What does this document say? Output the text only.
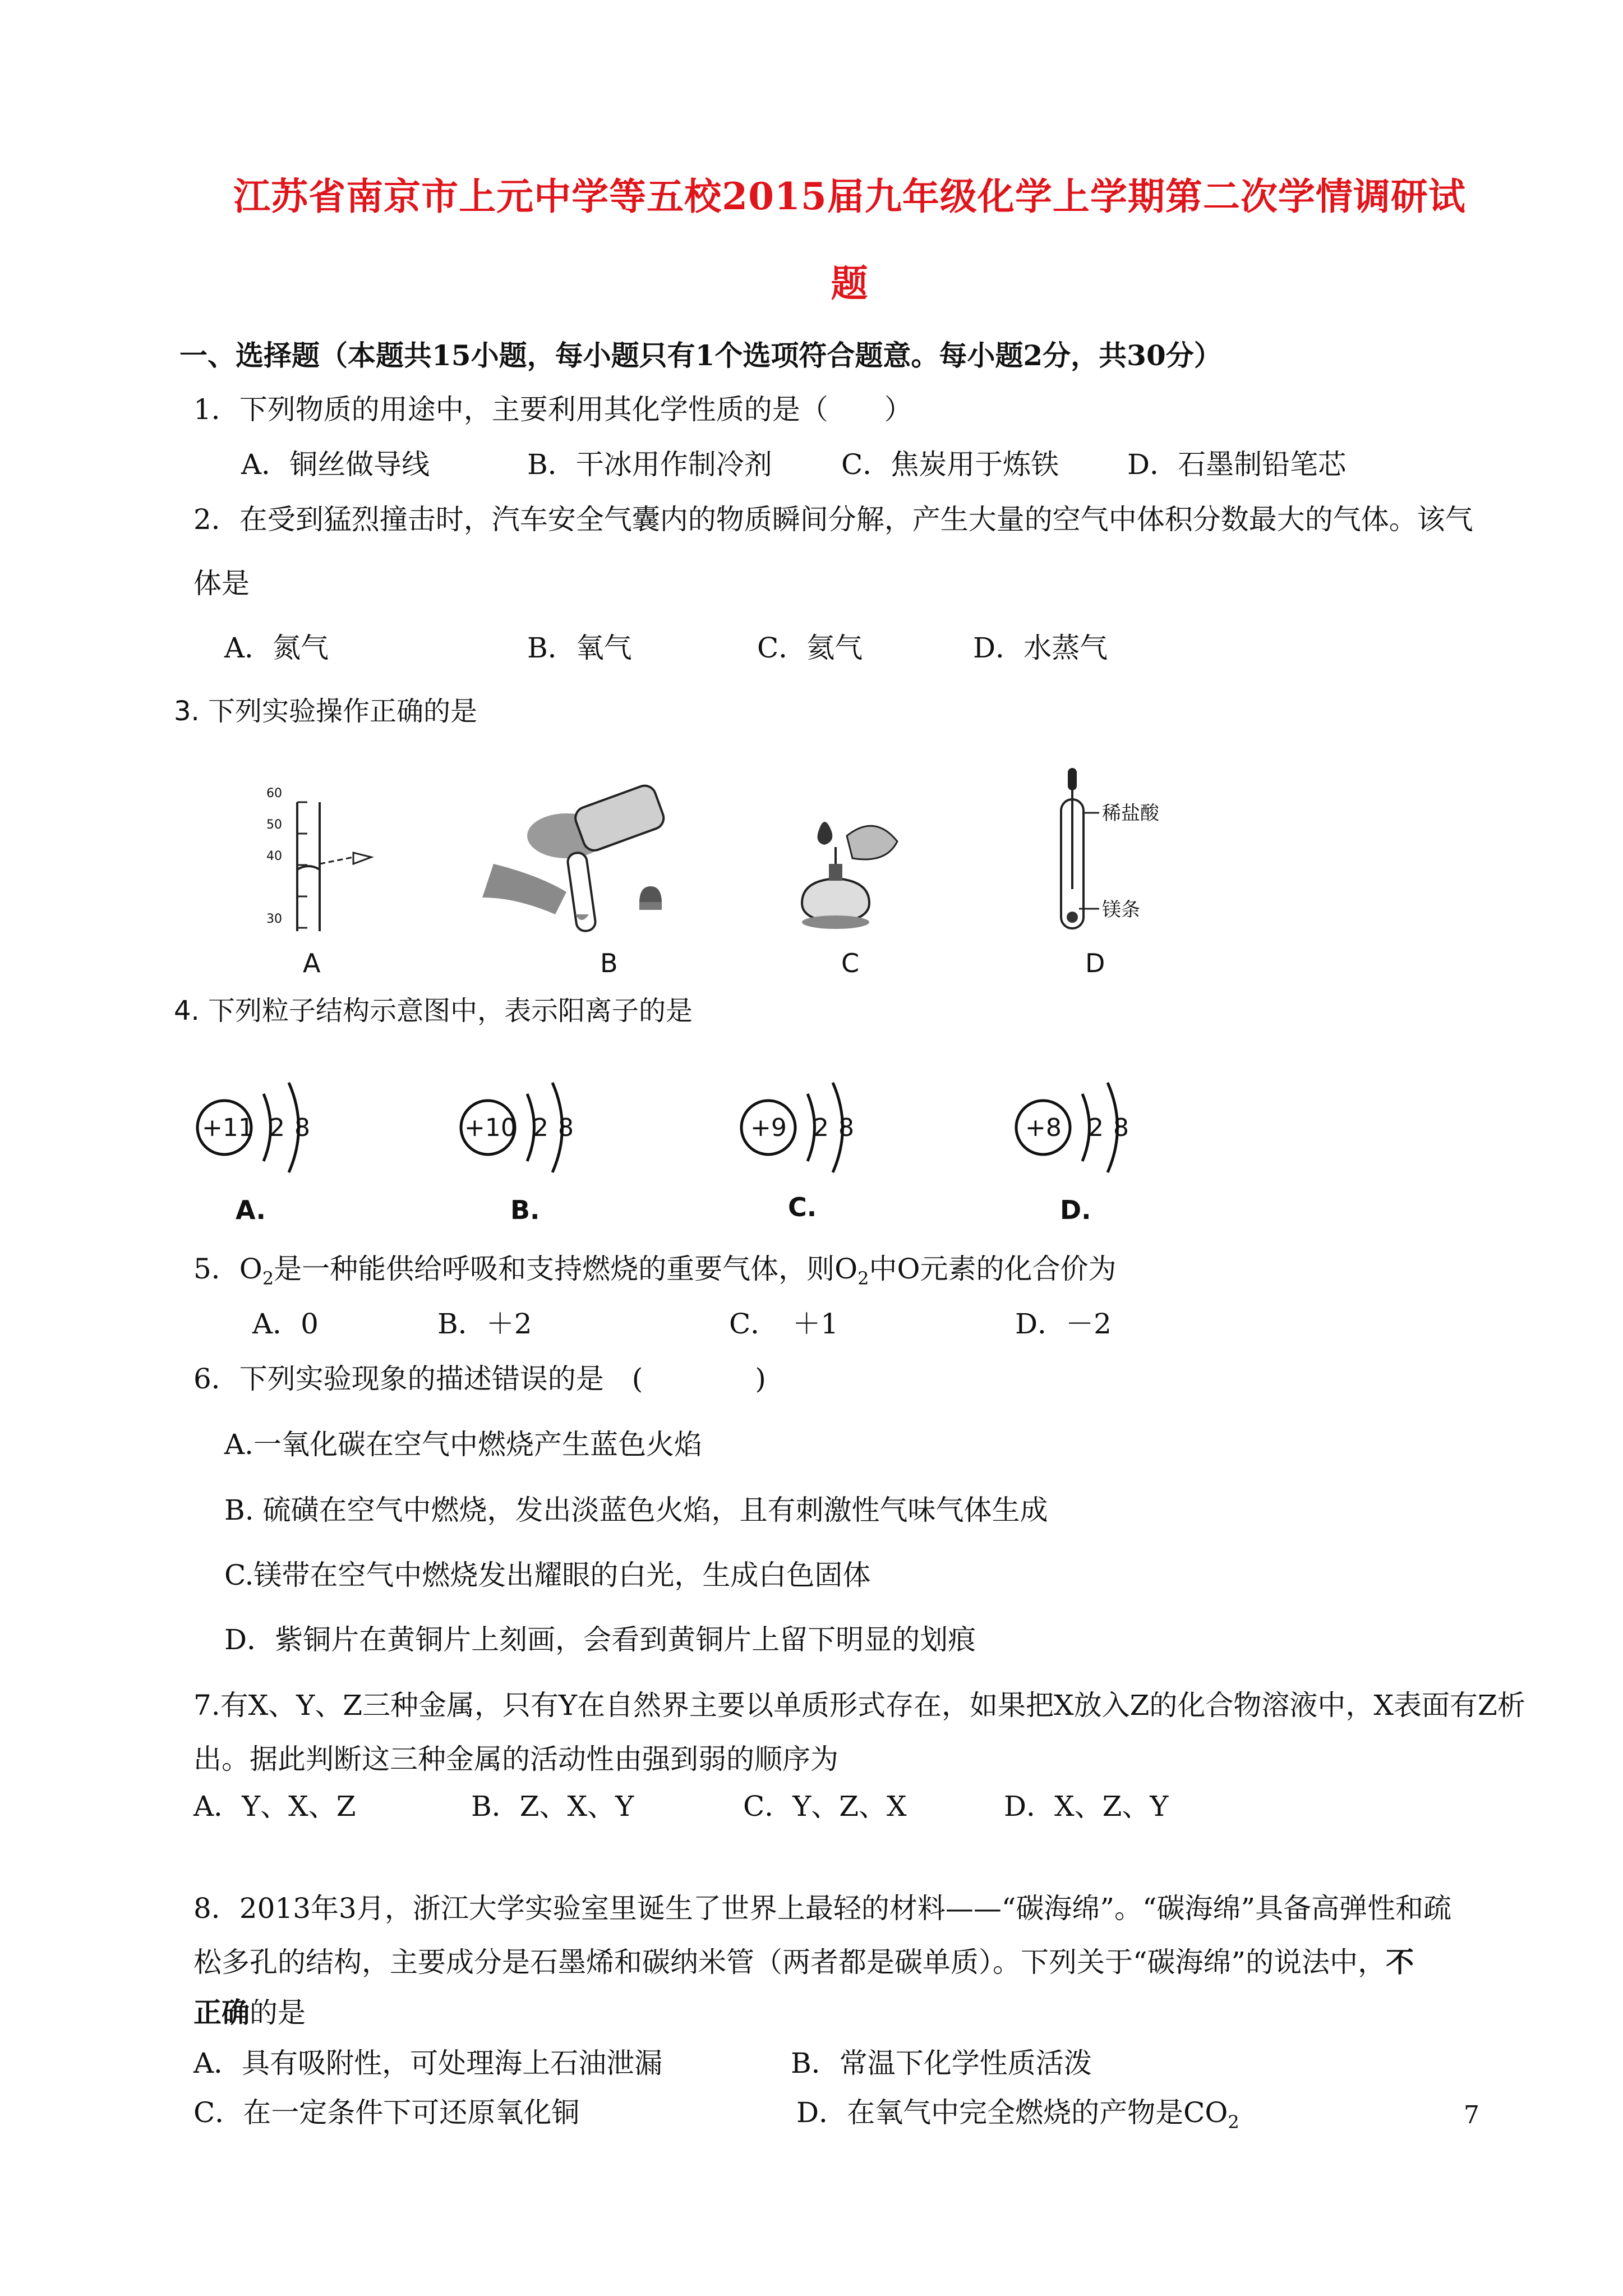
江苏省南京市上元中学等五校2015届九年级化学上学期第二次学情调研试
题
一、选择题（本题共15小题，每小题只有1个选项符合题意。每小题2分，共30分）
1．下列物质的用途中，主要利用其化学性质的是（　　）
A．铜丝做导线	B．干冰用作制冷剂 C．焦炭用于炼铁 D．石墨制铅笔芯
2．在受到猛烈撞击时，汽车安全气囊内的物质瞬间分解，产生大量的空气中体积分数最大的气体。该气
体是
A．氮气	B．氧气	C．氦气	D．水蒸气
3. 下列实验操作正确的是
60
50
40
30
稀盐酸
镁条
A	B	C	D
4. 下列粒子结构示意图中，表示阳离子的是
+11 2 8
A.
+10 2 8
B.
+9 2 8
C.
+8 2 8
D.
5．$O_2$是一种能供给呼吸和支持燃烧的重要气体，则$O_2$中O元素的化合价为
A．0	B．＋2	C．　＋1	D．－2
6．下列实验现象的描述错误的是　(　　　　)
A.一氧化碳在空气中燃烧产生蓝色火焰
B. 硫磺在空气中燃烧，发出淡蓝色火焰，且有刺激性气味气体生成
C.镁带在空气中燃烧发出耀眼的白光，生成白色固体
D．紫铜片在黄铜片上刻画，会看到黄铜片上留下明显的划痕
7.有X、Y、Z三种金属，只有Y在自然界主要以单质形式存在，如果把X放入Z的化合物溶液中，X表面有Z析
出。据此判断这三种金属的活动性由强到弱的顺序为
A．Y、X、Z	B．Z、X、Y	C．Y、Z、X	D．X、Z、Y
8．2013年3月，浙江大学实验室里诞生了世界上最轻的材料——“碳海绵”。“碳海绵”具备高弹性和疏
松多孔的结构，主要成分是石墨烯和碳纳米管（两者都是碳单质）。下列关于“碳海绵”的说法中，不
正确的是
A．具有吸附性，可处理海上石油泄漏	B．常温下化学性质活泼
C．在一定条件下可还原氧化铜	D．在氧气中完全燃烧的产物是$CO_2$	7
